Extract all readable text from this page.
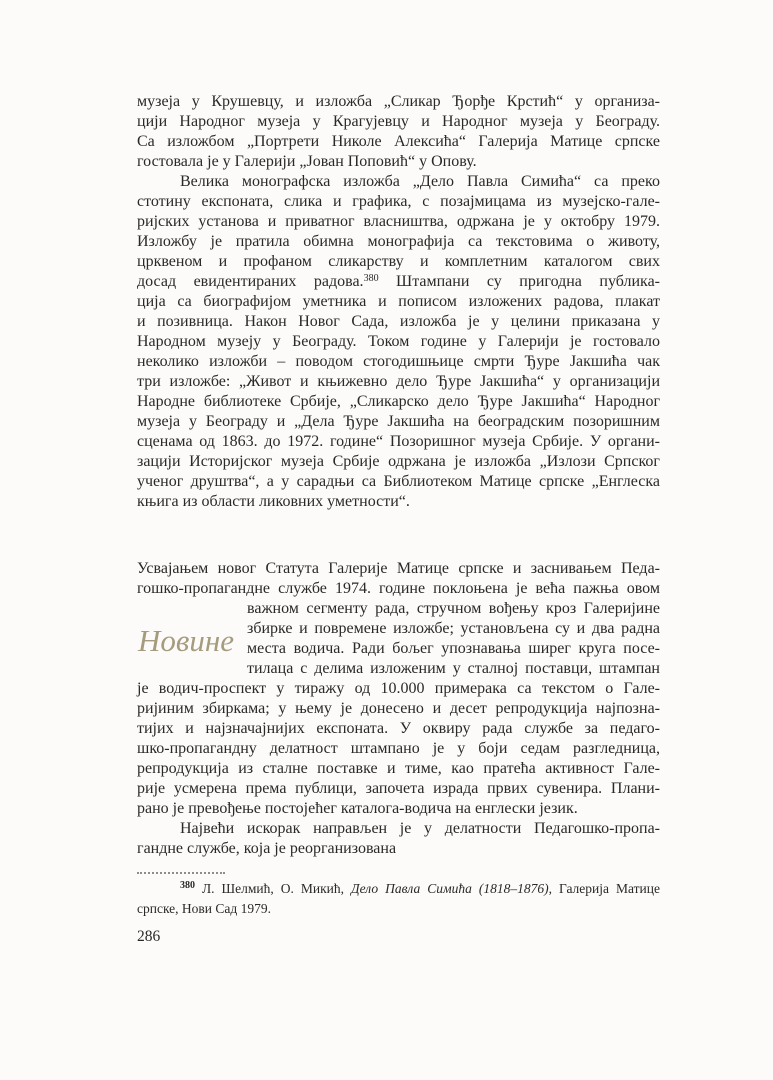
музеја у Крушевцу, и изложба „Сликар Ђорђе Крстић“ у организа-
цији Народног музеја у Крагујевцу и Народног музеја у Београду.
Са изложбом „Портрети Николе Алексића“ Галерија Матице српске
гостовала је у Галерији „Јован Поповић“ у Опову.
Велика монографска изложба „Дело Павла Симића“ са преко
стотину експоната, слика и графика, с позајмицама из музејско-гале-
ријских установа и приватног власништва, одржана је у октобру 1979.
Изложбу је пратила обимна монографија са текстовима о животу,
црквеном и профаном сликарству и комплетним каталогом свих
досад евидентираних радова.$^{380}$ Штампани су пригодна публика-
ција са биографијом уметника и пописом изложених радова, плакат
и позивница. Након Новог Сада, изложба је у целини приказана у
Народном музеју у Београду. Током године у Галерији је гостовало
неколико изложби – поводом стогодишњице смрти Ђуре Јакшића чак
три изложбе: „Живот и књижевно дело Ђуре Јакшића“ у организацији
Народне библиотеке Србије, „Сликарско дело Ђуре Јакшића“ Народног
музеја у Београду и „Дела Ђуре Јакшића на београдским позоришним
сценама од 1863. до 1972. године“ Позоришног музеја Србије. У органи-
зацији Историјског музеја Србије одржана је изложба „Излози Српског
ученог друштва“, а у сарадњи са Библиотеком Матице српске „Енглеска
књига из области ликовних уметности“.
Новине
Усвајањем новог Статута Галерије Матице српске и заснивањем Педа-
гошко-пропагандне службе 1974. године поклоњена је већа пажња овом
важном сегменту рада, стручном вођењу кроз Галеријине
збирке и повремене изложбе; установљена су и два радна
места водича. Ради бољег упознавања ширег круга посе-
тилаца с делима изложеним у сталној поставци, штампан
је водич-проспект у тиражу од 10.000 примерака са текстом о Гале-
ријиним збиркама; у њему је донесено и десет репродукција најпозна-
тијих и најзначајнијих експоната. У оквиру рада службе за педаго-
шко-пропагандну делатност штампано је у боји седам разгледница,
репродукција из сталне поставке и тиме, као пратећа активност Гале-
рије усмерена према публици, започета израда првих сувенира. Плани-
рано је превођење постојећег каталога-водича на енглески језик.
Највећи искорак направљен је у делатности Педагошко-пропа-
гандне службе, која је реорганизована
$^{380}$ Л. Шелмић, О. Микић, Дело Павла Симића (1818–1876), Галерија Матице
српске, Нови Сад 1979.
286
